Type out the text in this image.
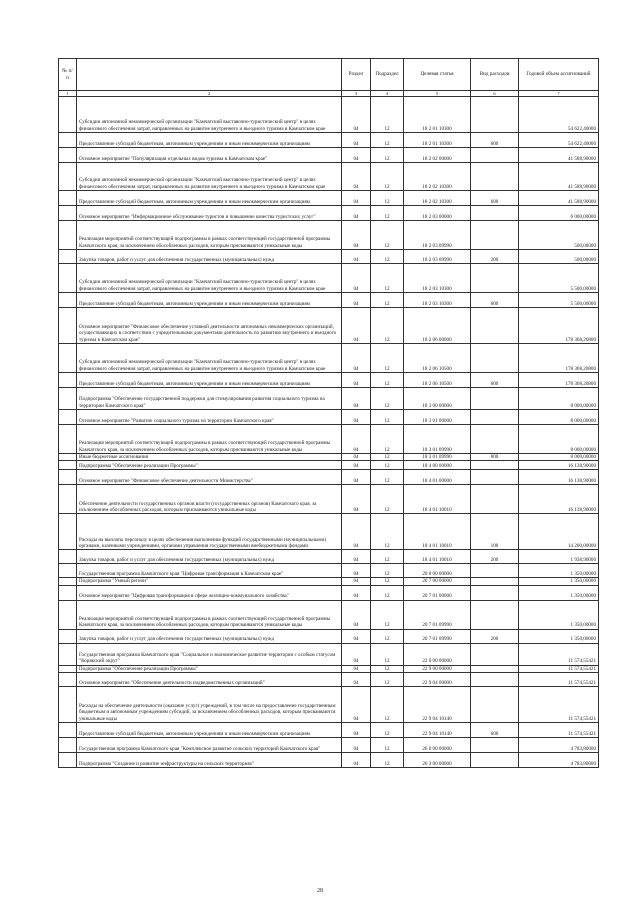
№ п/п		Раздел	Подраздел	Целевая статья	Вид расходов	Годовой объем ассигнований
1	2	3	4	5	6	7
	Субсидии автономной некоммерческой организации "Камчатский выставочно-туристический центр" в целях финансового обеспечения затрат, направленных на развитие внутреннего и въездного туризма в Камчатском крае	04	12	18 2 01 10300		54 622,40000
	Предоставление субсидий бюджетным, автономным учреждениям и иным некоммерческим организациям	04	12	18 2 01 10300	600	54 622,40000
	Основное мероприятие "Популяризация отдельных видов туризма в Камчатском крае"	04	12	18 2 02 00000		41 588,90000
	Субсидии автономной некоммерческой организации "Камчатский выставочно-туристический центр" в целях финансового обеспечения затрат, направленных на развитие внутреннего и въездного туризма в Камчатском крае	04	12	18 2 02 10300		41 588,90000
	Предоставление субсидий бюджетным, автономным учреждениям и иным некоммерческим организациям	04	12	18 2 02 10300	600	41 588,90000
	Основное мероприятие "Информационное обслуживание туристов и повышение качества туристских услуг"	04	12	18 2 03 00000		6 000,00000
	Реализация мероприятий соответствующей подпрограммы в рамках соответствующей государственной программы Камчатского края, за исключением обособленных расходов, которым присваиваются уникальные коды	04	12	18 2 03 09990		500,00000
	Закупка товаров, работ и услуг для обеспечения государственных (муниципальных) нужд	04	12	18 2 03 09990	200	500,00000
	Субсидии автономной некоммерческой организации "Камчатский выставочно-туристический центр" в целях финансового обеспечения затрат, направленных на развитие внутреннего и въездного туризма в Камчатском крае	04	12	18 2 03 10300		5 500,00000
	Предоставление субсидий бюджетным, автономным учреждениям и иным некоммерческим организациям	04	12	18 2 03 10300	600	5 500,00000
	Основное мероприятие "Финансовое обеспечение уставной деятельности автономных некоммерческих организаций, осуществляющих в соответствии с учредительными документами деятельность по развитию внутреннего и въездного туризма в Камчатском крае"	04	12	18 2 06 00000		178 368,20800
	Субсидии автономной некоммерческой организации "Камчатский выставочно-туристический центр" в целях финансового обеспечения затрат, направленных на развитие внутреннего и въездного туризма в Камчатском крае	04	12	18 2 06 10500		178 368,20800
	Предоставление субсидий бюджетным, автономным учреждениям и иным некоммерческим организациям	04	12	18 2 06 10500	600	178 368,20800
	Подпрограмма "Обеспечение государственной поддержки для стимулирования развития социального туризма на территории Камчатского края"	04	12	18 3 00 00000		8 000,00000
	Основное мероприятие "Развитие социального туризма на территории Камчатского края"	04	12	18 3 01 00000		8 000,00000
	Реализация мероприятий соответствующей подпрограммы в рамках соответствующей государственной программы Камчатского края, за исключением обособленных расходов, которым присваиваются уникальные коды	04	12	18 3 01 09990		8 000,00000
	Иные бюджетные ассигнования	04	12	18 3 01 09990	800	8 000,00000
	Подпрограмма "Обеспечение реализации Программы"	04	12	18 4 00 00000		16 138,90000
	Основное мероприятие "Финансовое обеспечение деятельности Министерства"	04	12	18 4 01 00000		16 138,90000
	Обеспечение деятельности государственных органов власти (государственных органов) Камчатского края, за исключением обособленных расходов, которым присваиваются уникальные коды	04	12	18 4 01 10010		16 138,90000
	Расходы на выплаты персоналу в целях обеспечения выполнения функций государственными (муниципальными) органами, казенными учреждениями, органами управления государственными внебюджетными фондами	04	12	18 4 01 10010	100	14 200,00000
	Закупка товаров, работ и услуг для обеспечения государственных (муниципальных) нужд	04	12	18 4 01 10010	200	1 938,90000
	Государственная программа Камчатского края "Цифровая трансформация в Камчатском крае"	04	12	20 0 00 00000		1 350,00000
	Подпрограмма "Умный регион"	04	12	20 7 00 00000		1 350,00000
	Основное мероприятие "Цифровая трансформация в сфере жилищно-коммунального хозяйства"	04	12	20 7 01 00000		1 350,00000
	Реализация мероприятий соответствующей подпрограммы в рамках соответствующей государственной программы Камчатского края, за исключением обособленных расходов, которым присваиваются уникальные коды	04	12	20 7 01 09990		1 350,00000
	Закупка товаров, работ и услуг для обеспечения государственных (муниципальных) нужд	04	12	20 7 01 09990	200	1 350,00000
	Государственная программа Камчатского края "Социальное и экономическое развитие территории с особым статусом "Корякский округ"	04	12	22 0 00 00000		11 574,55421
	Подпрограмма "Обеспечение реализации Программы"	04	12	22 9 00 00000		11 574,55421
	Основное мероприятие "Обеспечение деятельности подведомственных организаций"	04	12	22 9 04 00000		11 574,55421
	Расходы на обеспечение деятельности (оказание услуг) учреждений, в том числе на предоставление государственным бюджетным и автономным учреждениям субсидий, за исключением обособленных расходов, которым присваиваются уникальные коды	04	12	22 9 04 10140		11 574,55421
	Предоставление субсидий бюджетным, автономным учреждениям и иным некоммерческим организациям	04	12	22 9 04 10140	600	11 574,55421
	Государственная программа Камчатского края "Комплексное развитие сельских территорий Камчатского края"	04	12	26 0 00 00000		4 783,80000
	Подпрограмма "Создание и развитие инфраструктуры на сельских территориях"	04	12	26 3 00 00000		4 783,80000
28
